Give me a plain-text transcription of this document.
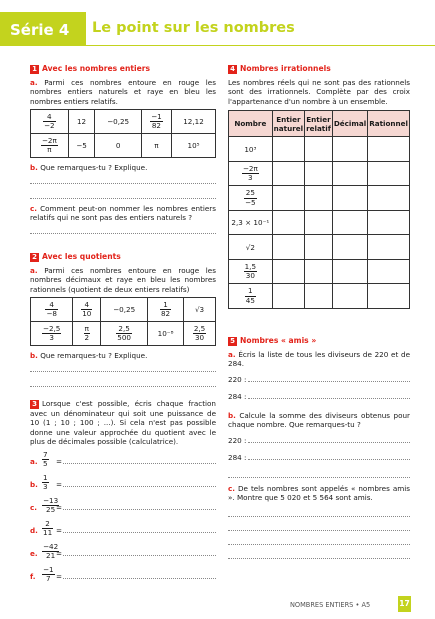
Série 4	Le point sur les nombres
1 Avec les nombres entiers
a. Parmi ces nombres entoure en rouge les nombres entiers naturels et raye en bleu les nombres entiers relatifs.
$\frac{4}{-2}$	12	−0,25	$\frac{-1}{82}$	12,12

$\frac{-2\pi}{\pi}$	−5	0	π	10⁵
b. Que remarques-tu ? Explique.
c. Comment peut-on nommer les nombres entiers relatifs qui ne sont pas des entiers naturels ?
2 Avec les quotients
a. Parmi ces nombres entoure en rouge les nombres décimaux et raye en bleu les nombres rationnels (quotient de deux entiers relatifs)
$\frac{4}{-8}$	$\frac{4}{10}$	−0,25	$\frac{1}{82}$	√3

$\frac{-2,5}{3}$	$\frac{\pi}{2}$	$\frac{2,5}{500}$	10⁻⁸	$\frac{2,5}{30}$
b. Que remarques-tu ? Explique.
3 Lorsque c'est possible, écris chaque fraction avec un dénominateur qui soit une puissance de 10 (1 ; 10 ; 100 ; ...). Si cela n'est pas possible donne une valeur approchée du quotient avec le plus de décimales possible (calculatrice).
a. $\frac{7}{5}$ =
b. $\frac{1}{3}$ =
c. $\frac{-13}{25}$
=
d. $\frac{2}{11}$ =
e. $\frac{-42}{21}$
=
f. $\frac{-1}{7}$ =
4 Nombres irrationnels
Les nombres réels qui ne sont pas des rationnels sont des irrationnels. Complète par des croix l'appartenance d'un nombre à un ensemble.
Nombre	Entier naturel	Entier relatif	Décimal	Rationnel
10³				

$\frac{-2\pi}{3}$

$\frac{25}{-5}$

2,3 × 10⁻¹				
√2				

$\frac{1,5}{30}$

$\frac{1}{45}$

5 Nombres « amis »
a. Écris la liste de tous les diviseurs de 220 et de 284.
220 :
284 :
b. Calcule la somme des diviseurs obtenus pour chaque nombre. Que remarques-tu ?
220 :
284 :
c. De tels nombres sont appelés « nombres amis ». Montre que 5 020 et 5 564 sont amis.
NOMBRES ENTIERS • A5	17
